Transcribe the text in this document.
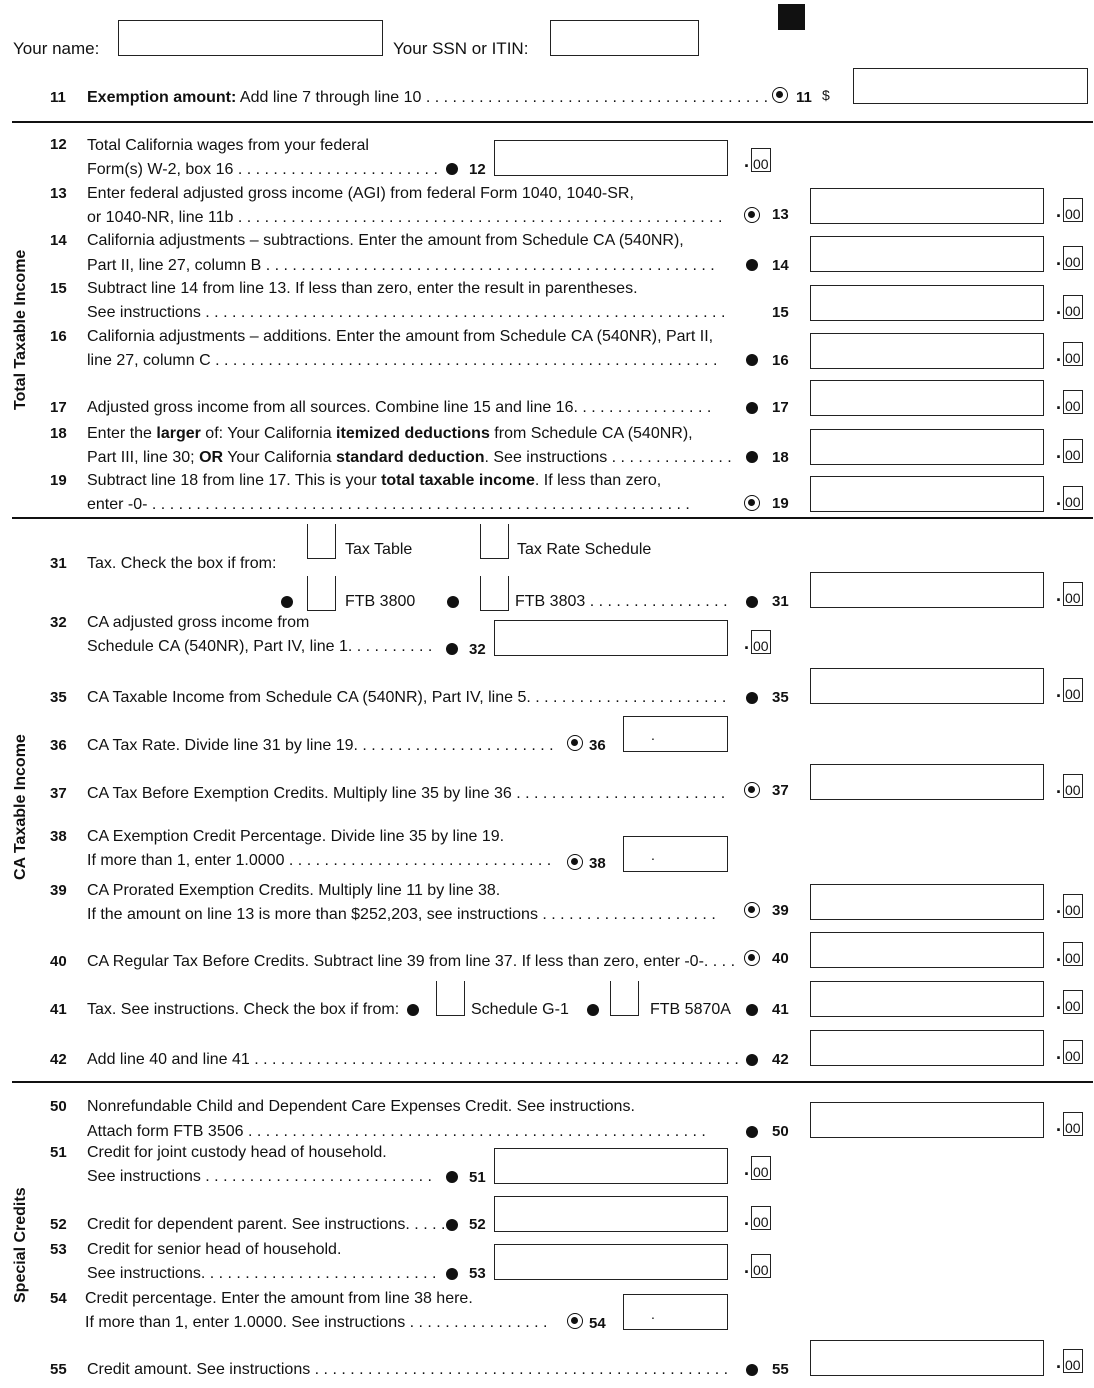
Your name:	Your SSN or ITIN:
11 Exemption amount: Add line 7 through line 10 . . . . . . . . . . . . . . . . . . . . . . . . . . . . . . . . . . . . . . . 11 $
Total Taxable Income
CA Taxable Income
Special Credits
12 Total California wages from your federal
Form(s) W-2, box 16 . . . . . . . . . . . . . . . . . . . . . . . 12	. 00
13 Enter federal adjusted gross income (AGI) from federal Form 1040, 1040-SR,
or 1040-NR, line 11b . . . . . . . . . . . . . . . . . . . . . . . . . . . . . . . . . . . . . . . . . . . . . . . . . . . . . . .	13	. 00
14 California adjustments – subtractions. Enter the amount from Schedule CA (540NR),
Part II, line 27, column B . . . . . . . . . . . . . . . . . . . . . . . . . . . . . . . . . . . . . . . . . . . . . . . . . . .	14	. 00
15 Subtract line 14 from line 13. If less than zero, enter the result in parentheses.
See instructions . . . . . . . . . . . . . . . . . . . . . . . . . . . . . . . . . . . . . . . . . . . . . . . . . . . . . . . . . . .	15	. 00
16 California adjustments – additions. Enter the amount from Schedule CA (540NR), Part II,
line 27, column C . . . . . . . . . . . . . . . . . . . . . . . . . . . . . . . . . . . . . . . . . . . . . . . . . . . . . . . . .	16	. 00
17 Adjusted gross income from all sources. Combine line 15 and line 16. . . . . . . . . . . . . . . .	17	. 00
18 Enter the larger of: Your California itemized deductions from Schedule CA (540NR),
Part III, line 30; OR Your California standard deduction. See instructions . . . . . . . . . . . . . .	18	. 00
19 Subtract line 18 from line 17. This is your total taxable income. If less than zero,
enter -0- . . . . . . . . . . . . . . . . . . . . . . . . . . . . . . . . . . . . . . . . . . . . . . . . . . . . . . . . . . . . .	19	. 00
31 Tax. Check the box if from:
Tax Table	Tax Rate Schedule
FTB 3800	FTB 3803 . . . . . . . . . . . . . . . .	31	. 00
32 CA adjusted gross income from
Schedule CA (540NR), Part IV, line 1. . . . . . . . . . 32	. 00
35 CA Taxable Income from Schedule CA (540NR), Part IV, line 5. . . . . . . . . . . . . . . . . . . . . . .	35	. 00
36 CA Tax Rate. Divide line 31 by line 19. . . . . . . . . . . . . . . . . . . . . . . 36
.
37 CA Tax Before Exemption Credits. Multiply line 35 by line 36 . . . . . . . . . . . . . . . . . . . . . . . .	37	. 00
38 CA Exemption Credit Percentage. Divide line 35 by line 19.
If more than 1, enter 1.0000 . . . . . . . . . . . . . . . . . . . . . . . . . . . . . .	38	.
39 CA Prorated Exemption Credits. Multiply line 11 by line 38.
If the amount on line 13 is more than $252,203, see instructions . . . . . . . . . . . . . . . . . . . .	39	. 00
40 CA Regular Tax Before Credits. Subtract line 39 from line 37. If less than zero, enter -0-. . . . 40	. 00
41 Tax. See instructions. Check the box if from:	Schedule G-1	FTB 5870A	41	. 00
42 Add line 40 and line 41 . . . . . . . . . . . . . . . . . . . . . . . . . . . . . . . . . . . . . . . . . . . . . . . . . . . . . . . 42	. 00
50 Nonrefundable Child and Dependent Care Expenses Credit. See instructions.
Attach form FTB 3506 . . . . . . . . . . . . . . . . . . . . . . . . . . . . . . . . . . . . . . . . . . . . . . . . . . . .	50	. 00
51 Credit for joint custody head of household.
See instructions . . . . . . . . . . . . . . . . . . . . . . . . . . 51	. 00
52 Credit for dependent parent. See instructions. . . . . 52	. 00
53 Credit for senior head of household.
See instructions. . . . . . . . . . . . . . . . . . . . . . . . . . . 53	. 00
54 Credit percentage. Enter the amount from line 38 here.
If more than 1, enter 1.0000. See instructions . . . . . . . . . . . . . . . .	54
.
55 Credit amount. See instructions . . . . . . . . . . . . . . . . . . . . . . . . . . . . . . . . . . . . . . . . . . . . . . .	55	. 00
